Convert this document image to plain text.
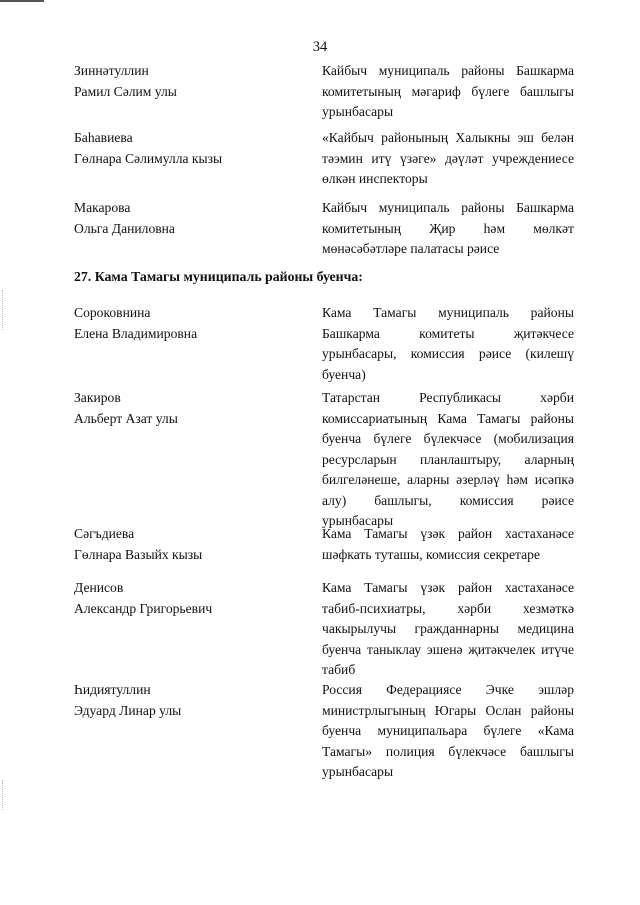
34
Зиннәтуллин
Рамил Сәлим улы
Кайбыч муниципаль районы Башкарма комитетының мәгариф бүлеге башлыгы урынбасары
Баһавиева
Гөлнара Сәлимулла кызы
«Кайбыч районының Халыкны эш белән тәэмин итү үзәге» дәүләт учреждениесе өлкән инспекторы
Макарова
Ольга Даниловна
Кайбыч муниципаль районы Башкарма комитетының Җир һәм мөлкәт мөнәсәбәтләре палатасы рәисе
27. Кама Тамагы муниципаль районы буенча:
Сороковнина
Елена Владимировна
Кама Тамагы муниципаль районы Башкарма комитеты җитәкчесе урынбасары, комиссия рәисе (килешү буенча)
Закиров
Альберт Азат улы
Татарстан Республикасы хәрби комиссариатының Кама Тамагы районы буенча бүлеге бүлекчәсе (мобилизация ресурсларын планлаштыру, аларның билгеләнеше, аларны әзерләү һәм исәпкә алу) башлыгы, комиссия рәисе урынбасары
Сәгъдиева
Гөлнара Вазыйх кызы
Кама Тамагы үзәк район хастаханәсе шәфкать туташы, комиссия секретаре
Денисов
Александр Григорьевич
Кама Тамагы үзәк район хастаханәсе табиб-психиатры, хәрби хезмәткә чакырылучы гражданнарны медицина буенча таныклау эшенә җитәкчелек итүче табиб
Һидиятуллин
Эдуард Линар улы
Россия Федерациясе Эчке эшләр министрлыгының Югары Ослан районы буенча муниципальара бүлеге «Кама Тамагы» полиция бүлекчәсе башлыгы урынбасары
